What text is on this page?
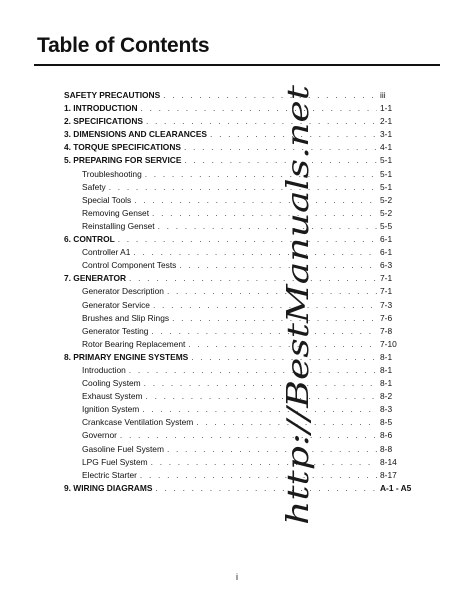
Table of Contents
SAFETY PRECAUTIONS . . .	iii
1. INTRODUCTION . . .	1-1
2. SPECIFICATIONS . . .	2-1
3. DIMENSIONS AND CLEARANCES . . .	3-1
4. TORQUE SPECIFICATIONS . . .	4-1
5. PREPARING FOR SERVICE . . .	5-1
Troubleshooting . . .	5-1
Safety . . .	5-1
Special Tools . . .	5-2
Removing Genset . . .	5-2
Reinstalling Genset . . .	5-5
6. CONTROL . . .	6-1
Controller A1 . . .	6-1
Control Component Tests . . .	6-3
7. GENERATOR . . .	7-1
Generator Description . . .	7-1
Generator Service . . .	7-3
Brushes and Slip Rings . . .	7-6
Generator Testing . . .	7-8
Rotor Bearing Replacement . . .	7-10
8. PRIMARY ENGINE SYSTEMS . . .	8-1
Introduction . . .	8-1
Cooling System . . .	8-1
Exhaust System . . .	8-2
Ignition System . . .	8-3
Crankcase Ventilation System . . .	8-5
Governor . . .	8-6
Gasoline Fuel System . . .	8-8
LPG Fuel System . . .	8-14
Electric Starter . . .	8-17
9. WIRING DIAGRAMS . . .	A-1 - A5
http://BestManuals.net
i
